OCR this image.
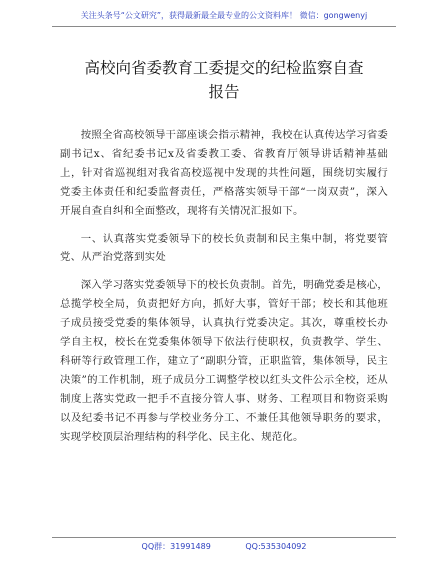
关注头条号“公文研究”，获得最新最全最专业的公文资料库！ 微信：gongwenyj
高校向省委教育工委提交的纪检监察自查
报告

按照全省高校领导干部座谈会指示精神，我校在认真传达学习省委副书记x、省纪委书记x及省委教工委、省教育厅领导讲话精神基础上，针对省巡视组对我省高校巡视中发现的共性问题，围绕切实履行党委主体责任和纪委监督责任，严格落实领导干部“一岗双责”，深入开展自查自纠和全面整改，现将有关情况汇报如下。

一、认真落实党委领导下的校长负责制和民主集中制，将党要管党、从严治党落到实处

深入学习落实党委领导下的校长负责制。首先，明确党委是核心，总揽学校全局，负责把好方向，抓好大事，管好干部；校长和其他班子成员接受党委的集体领导，认真执行党委决定。其次，尊重校长办学自主权，校长在党委集体领导下依法行使职权，负责教学、学生、科研等行政管理工作，建立了“副职分管，正职监管，集体领导，民主决策”的工作机制，班子成员分工调整学校以红头文件公示全校，还从制度上落实党政一把手不直接分管人事、财务、工程项目和物资采购以及纪委书记不再参与学校业务分工、不兼任其他领导职务的要求，实现学校顶层治理结构的科学化、民主化、规范化。

QQ群：31991489	QQ:535304092
